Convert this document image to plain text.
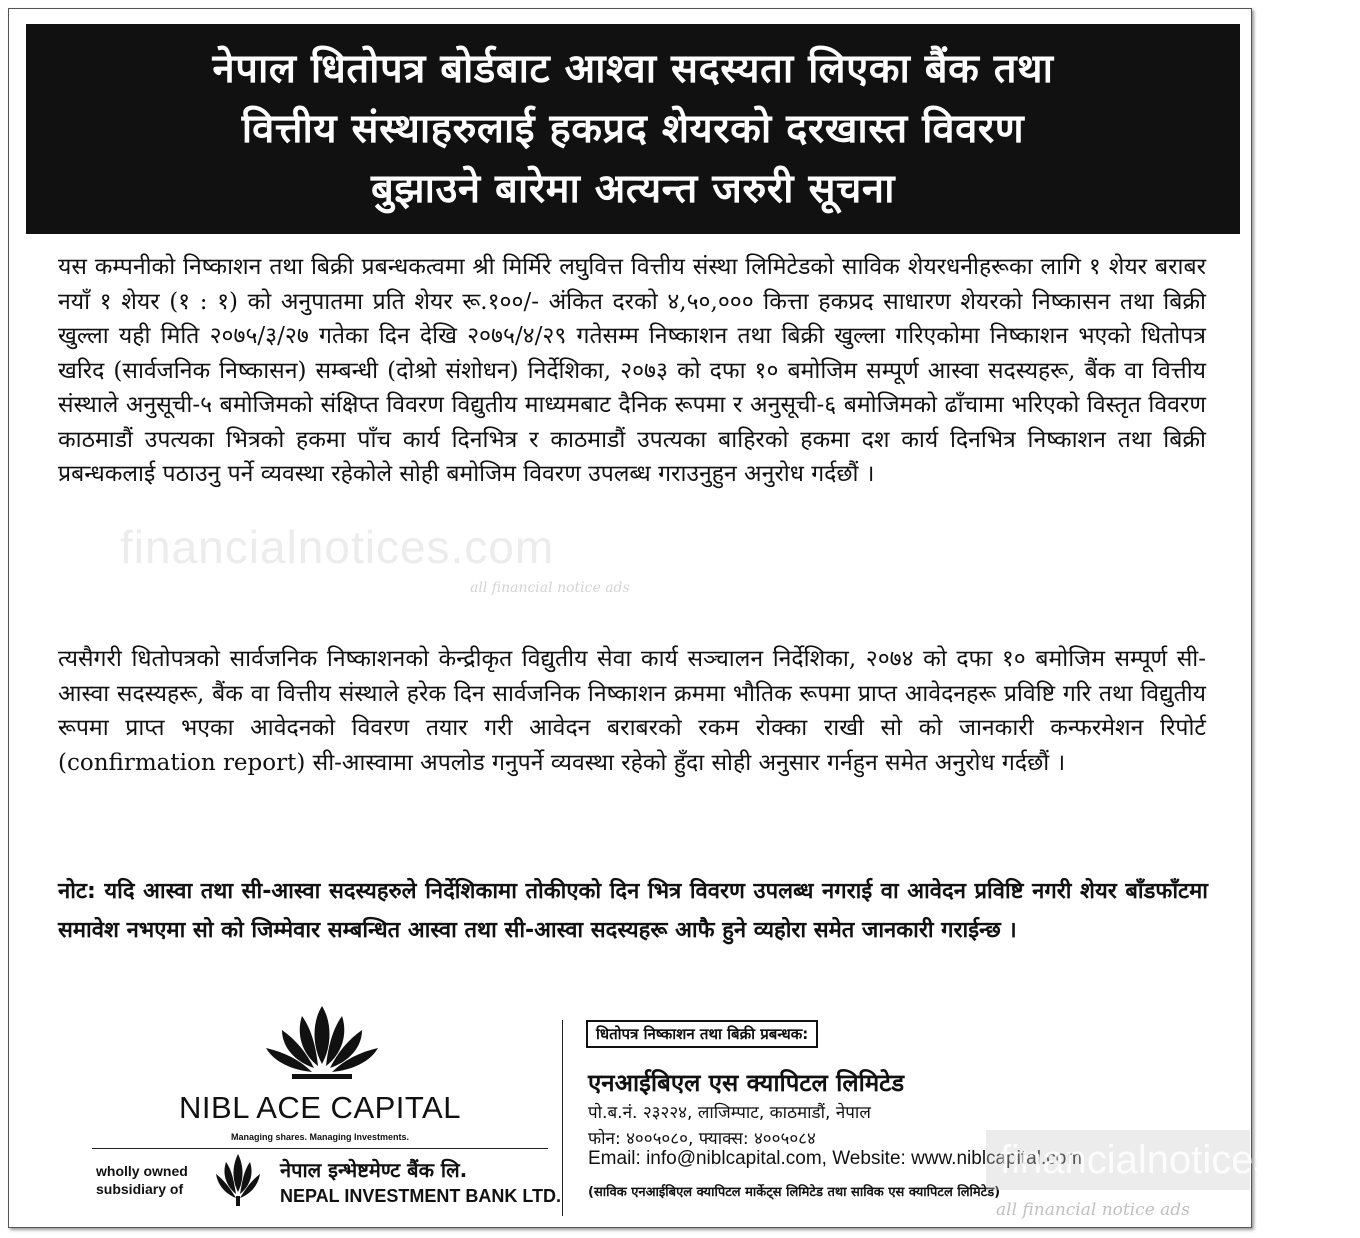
नेपाल धितोपत्र बोर्डबाट आश्वा सदस्यता लिएका बैंक तथा
वित्तीय संस्थाहरुलाई हकप्रद शेयरको दरखास्त विवरण
बुझाउने बारेमा अत्यन्त जरुरी सूचना

यस कम्पनीको निष्काशन तथा बिक्री प्रबन्धकत्वमा श्री मिर्मिरे लघुवित्त वित्तीय संस्था लिमिटेडको साविक शेयरधनीहरूका लागि १ शेयर बराबर नयाँ १ शेयर (१ : १) को अनुपातमा प्रति शेयर रू.१००/- अंकित दरको ४,५०,००० कित्ता हकप्रद साधारण शेयरको निष्कासन तथा बिक्री खुल्ला यही मिति २०७५/३/२७ गतेका दिन देखि २०७५/४/२९ गतेसम्म निष्काशन तथा बिक्री खुल्ला गरिएकोमा निष्काशन भएको धितोपत्र खरिद (सार्वजनिक निष्कासन) सम्बन्धी (दोश्रो संशोधन) निर्देशिका, २०७३ को दफा १० बमोजिम सम्पूर्ण आस्वा सदस्यहरू, बैंक वा वित्तीय संस्थाले अनुसूची-५ बमोजिमको संक्षिप्त विवरण विद्युतीय माध्यमबाट दैनिक रूपमा र अनुसूची-६ बमोजिमको ढाँचामा भरिएको विस्तृत विवरण काठमाडौं उपत्यका भित्रको हकमा पाँच कार्य दिनभित्र र काठमाडौं उपत्यका बाहिरको हकमा दश कार्य दिनभित्र निष्काशन तथा बिक्री प्रबन्धकलाई पठाउनु पर्ने व्यवस्था रहेकोले सोही बमोजिम विवरण उपलब्ध गराउनुहुन अनुरोध गर्दछौं ।

त्यसैगरी धितोपत्रको सार्वजनिक निष्काशनको केन्द्रीकृत विद्युतीय सेवा कार्य सञ्चालन निर्देशिका, २०७४ को दफा १० बमोजिम सम्पूर्ण सी-आस्वा सदस्यहरू, बैंक वा वित्तीय संस्थाले हरेक दिन सार्वजनिक निष्काशन क्रममा भौतिक रूपमा प्राप्त आवेदनहरू प्रविष्टि गरि तथा विद्युतीय रूपमा प्राप्त भएका आवेदनको विवरण तयार गरी आवेदन बराबरको रकम रोक्का राखी सो को जानकारी कन्फरमेशन रिपोर्ट (confirmation report) सी-आस्वामा अपलोड गनुपर्ने व्यवस्था रहेको हुँदा सोही अनुसार गर्नहुन समेत अनुरोध गर्दछौं ।

नोट: यदि आस्वा तथा सी-आस्वा सदस्यहरुले निर्देशिकामा तोकीएको दिन भित्र विवरण उपलब्ध नगराई वा आवेदन प्रविष्टि नगरी शेयर बाँडफाँटमा समावेश नभएमा सो को जिम्मेवार सम्बन्धित आस्वा तथा सी-आस्वा सदस्यहरू आफै हुने व्यहोरा समेत जानकारी गराईन्छ ।

NIBL ACE CAPITAL
Managing shares. Managing Investments.
wholly owned subsidiary of
नेपाल इन्भेष्टमेण्ट बैंक लि.
NEPAL INVESTMENT BANK LTD.
धितोपत्र निष्काशन तथा बिक्री प्रबन्धक:
एनआईबिएल एस क्यापिटल लिमिटेड
पो.ब.नं. २३२२४, लाजिम्पाट, काठमाडौं, नेपाल
फोन: ४००५०८०, फ्याक्स: ४००५०८४
Email: info@niblcapital.com, Website: www.niblcapital.com
(साविक एनआईबिएल क्यापिटल मार्केट्स लिमिटेड तथा साविक एस क्यापिटल लिमिटेड)
financialnotices.com
all financial notice ads
financialnotices.com
all financial notice ads
